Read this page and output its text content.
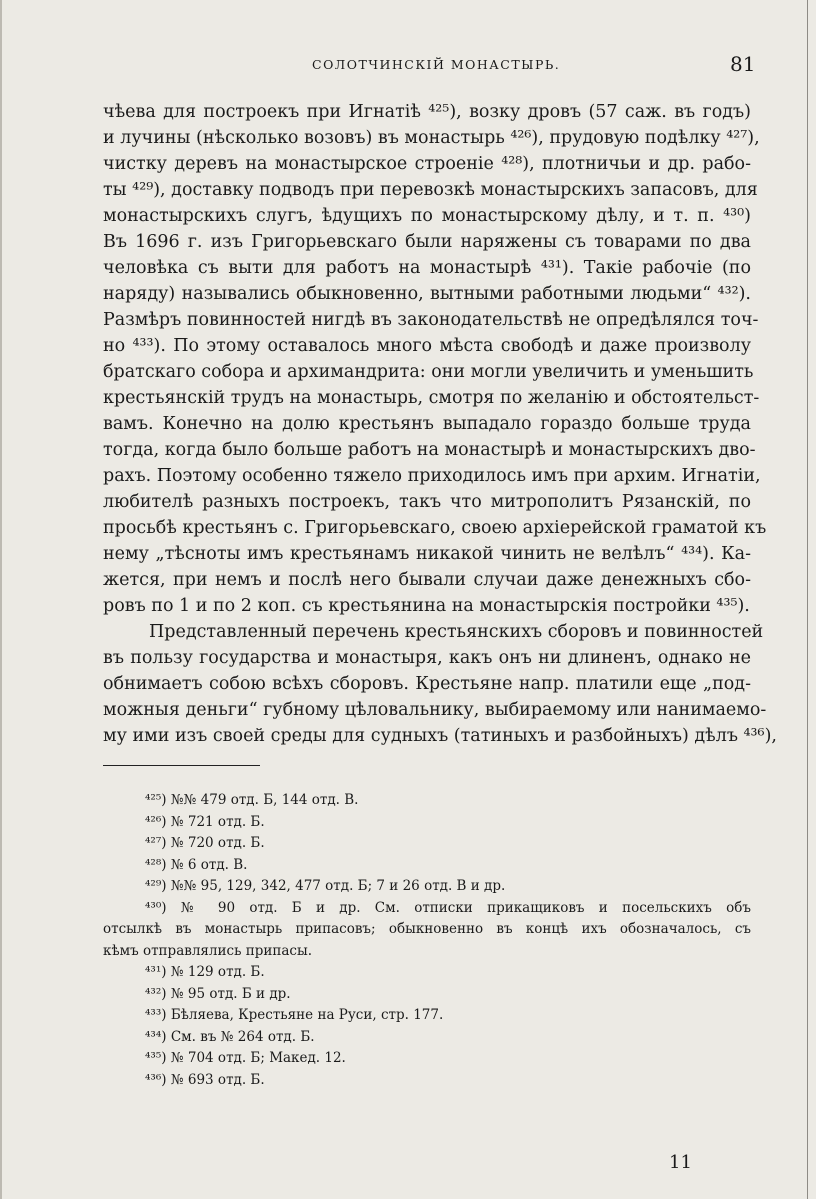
СОЛОТЧИНСКІЙ МОНАСТЫРЬ.	81
чѣева для построекъ при Игнатіѣ ⁴²⁵), возку дровъ (57 саж. въ годъ)
и лучины (нѣсколько возовъ) въ монастырь ⁴²⁶), прудовую подѣлку ⁴²⁷),
чистку деревъ на монастырское строеніе ⁴²⁸), плотничьи и др. рабо-
ты ⁴²⁹), доставку подводъ при перевозкѣ монастырскихъ запасовъ, для
монастырскихъ слугъ, ѣдущихъ по монастырскому дѣлу, и т. п. ⁴³⁰)
Въ 1696 г. изъ Григорьевскаго были наряжены съ товарами по два
человѣка съ выти для работъ на монастырѣ ⁴³¹). Такіе рабочіе (по
наряду) назывались обыкновенно, вытными работными людьми“ ⁴³²).
Размѣръ повинностей нигдѣ въ законодательствѣ не опредѣлялся точ-
но ⁴³³). По этому оставалось много мѣста свободѣ и даже произволу
братскаго собора и архимандрита: они могли увеличить и уменьшить
крестьянскій трудъ на монастырь, смотря по желанію и обстоятельст-
вамъ. Конечно на долю крестьянъ выпадало гораздо больше труда
тогда, когда было больше работъ на монастырѣ и монастырскихъ дво-
рахъ. Поэтому особенно тяжело приходилось имъ при архим. Игнатіи,
любителѣ разныхъ построекъ, такъ что митрополитъ Рязанскій, по
просьбѣ крестьянъ с. Григорьевскаго, своею архіерейской граматой къ
нему „тѣсноты имъ крестьянамъ никакой чинить не велѣлъ“ ⁴³⁴). Ка-
жется, при немъ и послѣ него бывали случаи даже денежныхъ сбо-
ровъ по 1 и по 2 коп. съ крестьянина на монастырскія постройки ⁴³⁵).
Представленный перечень крестьянскихъ сборовъ и повинностей
въ пользу государства и монастыря, какъ онъ ни длиненъ, однако не
обнимаетъ собою всѣхъ сборовъ. Крестьяне напр. платили еще „под-
можныя деньги“ губному цѣловальнику, выбираемому или нанимаемо-
му ими изъ своей среды для судныхъ (татиныхъ и разбойныхъ) дѣлъ ⁴³⁶),
⁴²⁵) №№ 479 отд. Б, 144 отд. В.
⁴²⁶) № 721 отд. Б.
⁴²⁷) № 720 отд. Б.
⁴²⁸) № 6 отд. В.
⁴²⁹) №№ 95, 129, 342, 477 отд. Б; 7 и 26 отд. В и др.
⁴³⁰) № 90 отд. Б и др. См. отписки прикащиковъ и посельскихъ объ
отсылкѣ въ монастырь припасовъ; обыкновенно въ концѣ ихъ обозначалось, съ
кѣмъ отправлялись припасы.
⁴³¹) № 129 отд. Б.
⁴³²) № 95 отд. Б и др.
⁴³³) Бѣляева, Крестьяне на Руси, стр. 177.
⁴³⁴) См. въ № 264 отд. Б.
⁴³⁵) № 704 отд. Б; Макед. 12.
⁴³⁶) № 693 отд. Б.
11
